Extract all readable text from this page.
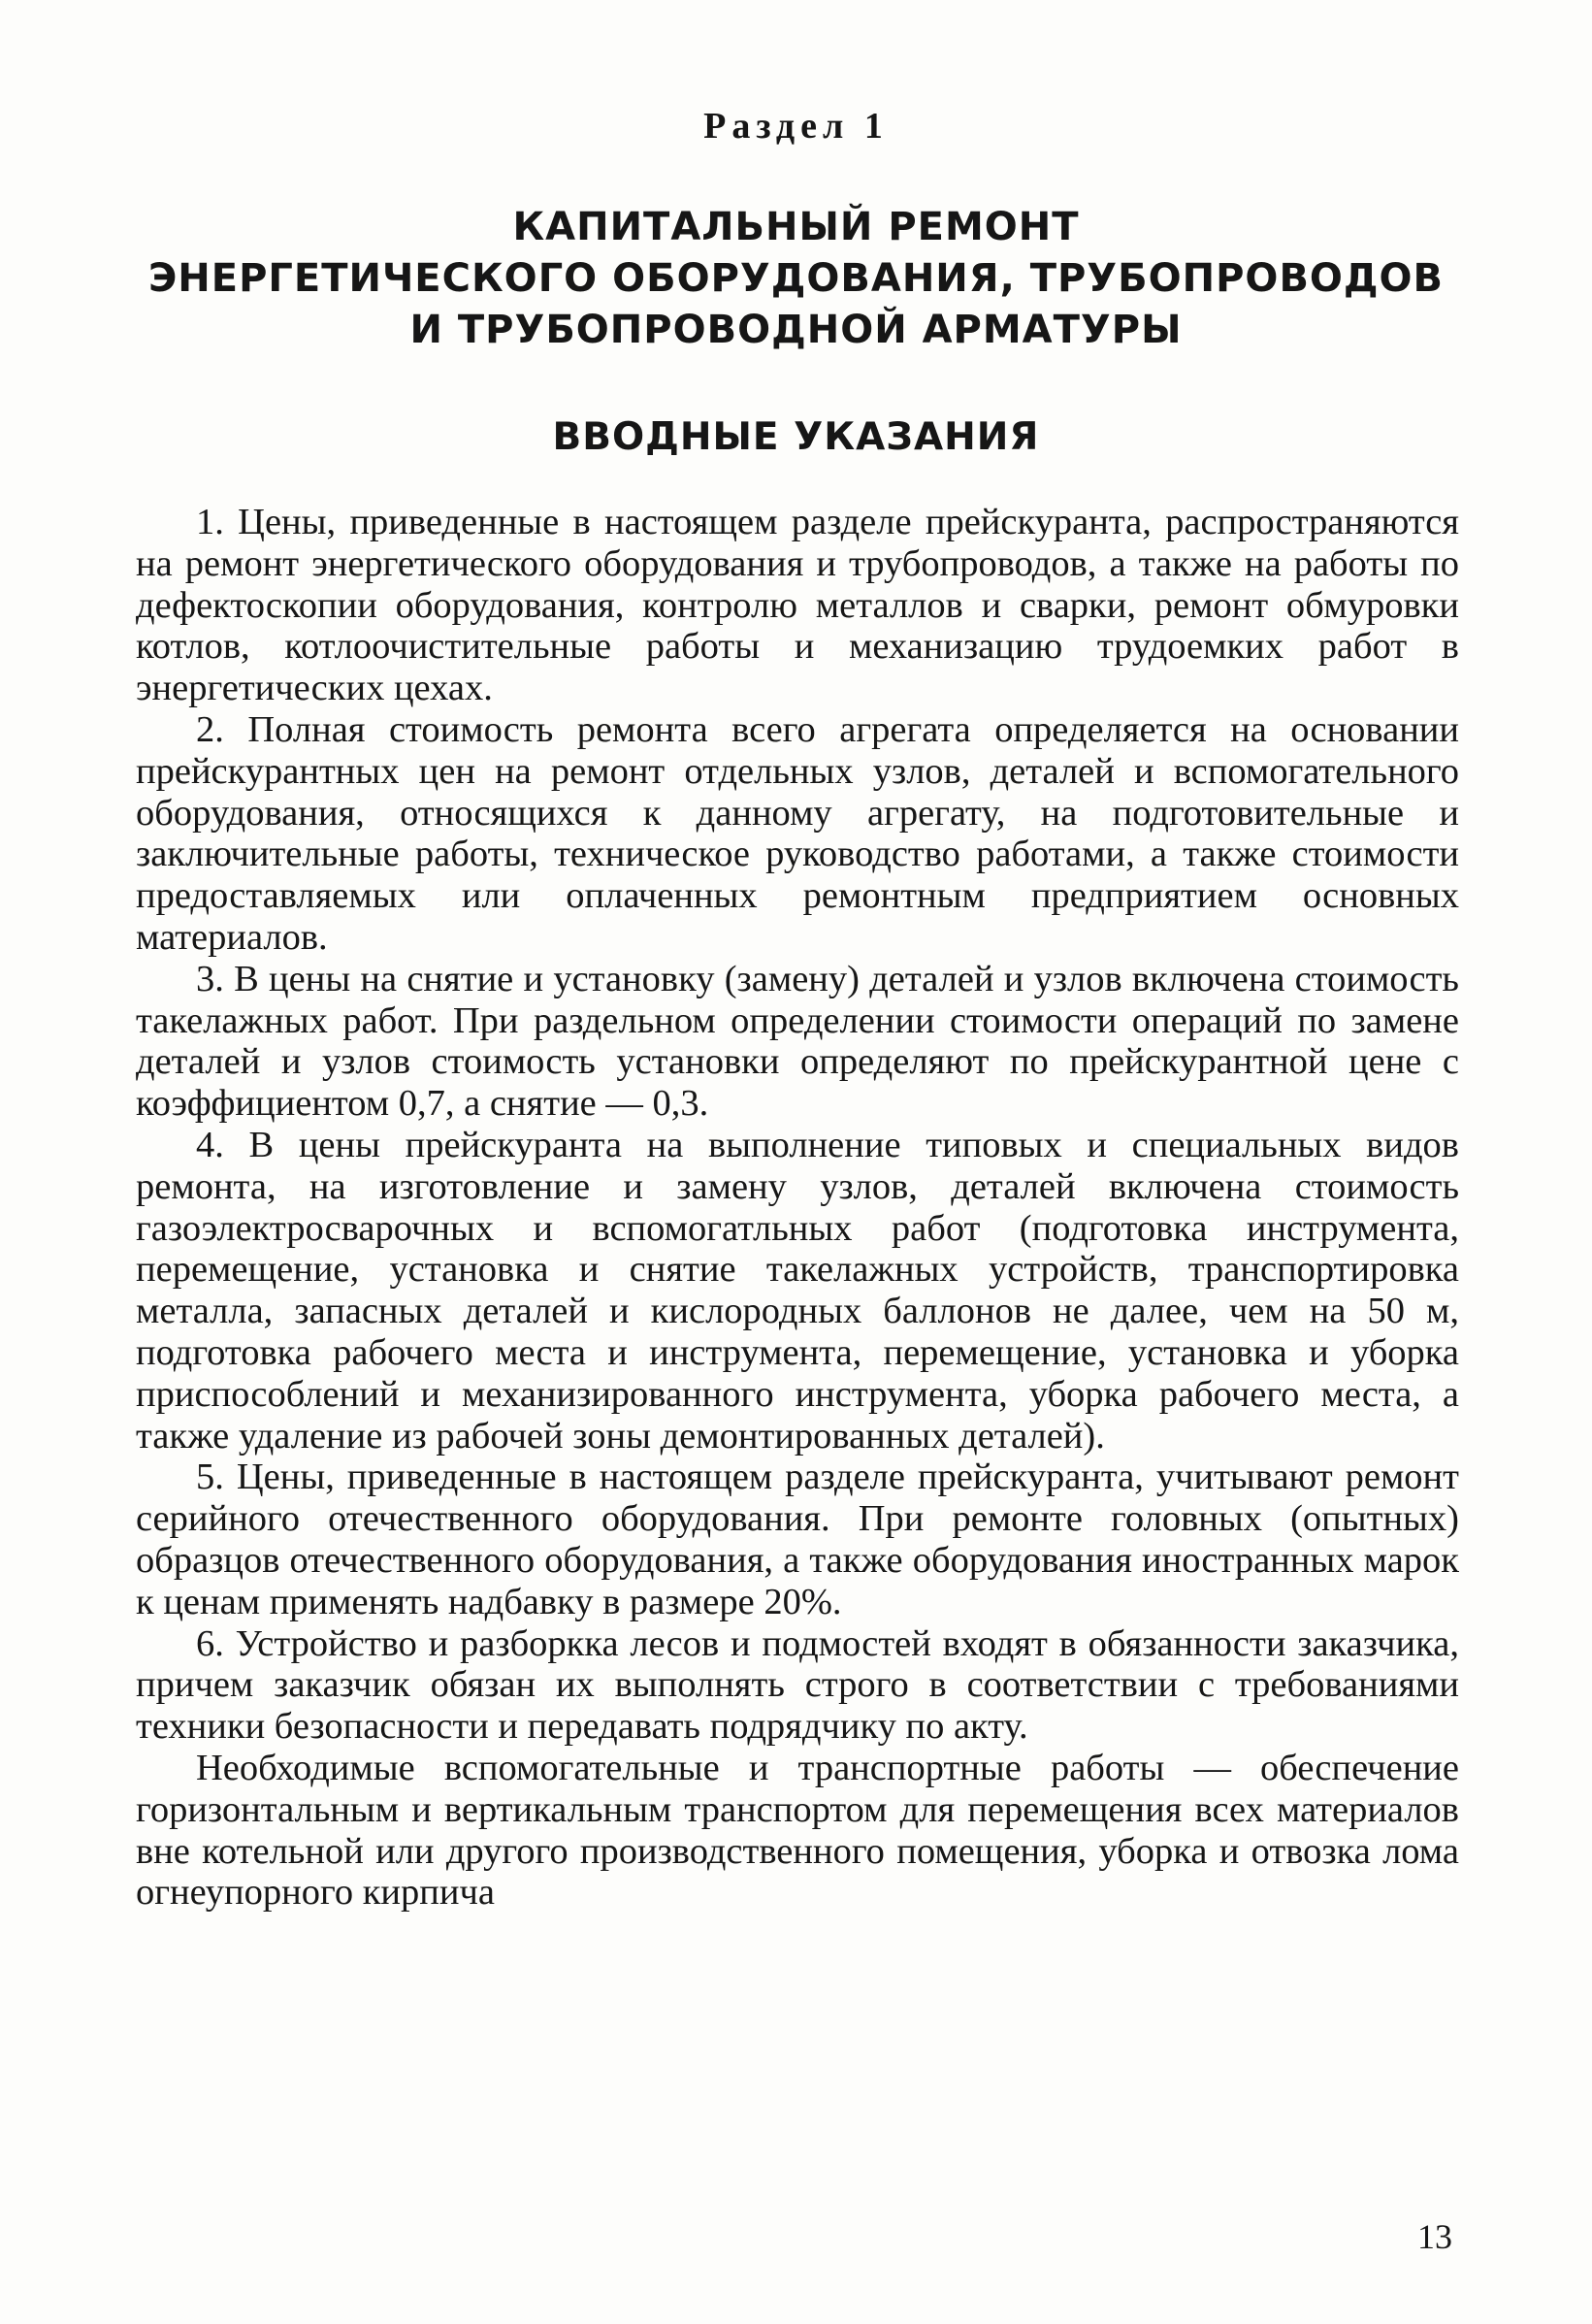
Раздел 1
КАПИТАЛЬНЫЙ РЕМОНТ
ЭНЕРГЕТИЧЕСКОГО ОБОРУДОВАНИЯ, ТРУБОПРОВОДОВ
И ТРУБОПРОВОДНОЙ АРМАТУРЫ
ВВОДНЫЕ УКАЗАНИЯ

1. Цены, приведенные в настоящем разделе прейскуранта, распространяются на ремонт энергетического оборудования и трубопроводов, а также на работы по дефектоскопии оборудования, контролю металлов и сварки, ремонт обмуровки котлов, котлоочистительные работы и механизацию трудоемких работ в энергетических цехах.

2. Полная стоимость ремонта всего агрегата определяется на основании прейскурантных цен на ремонт отдельных узлов, деталей и вспомогательного оборудования, относящихся к данному агрегату, на подготовительные и заключительные работы, техническое руководство работами, а также стоимости предоставляемых или оплаченных ремонтным предприятием основных материалов.

3. В цены на снятие и установку (замену) деталей и узлов включена стоимость такелажных работ. При раздельном определении стоимости операций по замене деталей и узлов стоимость установки определяют по прейскурантной цене с коэффициентом 0,7, а снятие — 0,3.

4. В цены прейскуранта на выполнение типовых и специальных видов ремонта, на изготовление и замену узлов, деталей включена стоимость газоэлектросварочных и вспомогатльных работ (подготовка инструмента, перемещение, установка и снятие такелажных устройств, транспортировка металла, запасных деталей и кислородных баллонов не далее, чем на 50 м, подготовка рабочего места и инструмента, перемещение, установка и уборка приспособлений и механизированного инструмента, уборка рабочего места, а также удаление из рабочей зоны демонтированных деталей).

5. Цены, приведенные в настоящем разделе прейскуранта, учитывают ремонт серийного отечественного оборудования. При ремонте головных (опытных) образцов отечественного оборудования, а также оборудования иностранных марок к ценам применять надбавку в размере 20%.

6. Устройство и разборкка лесов и подмостей входят в обязанности заказчика, причем заказчик обязан их выполнять строго в соответствии с требованиями техники безопасности и передавать подрядчику по акту.

Необходимые вспомогательные и транспортные работы — обеспечение горизонтальным и вертикальным транспортом для перемещения всех материалов вне котельной или другого производственного помещения, уборка и отвозка лома огнеупорного кирпича

13
